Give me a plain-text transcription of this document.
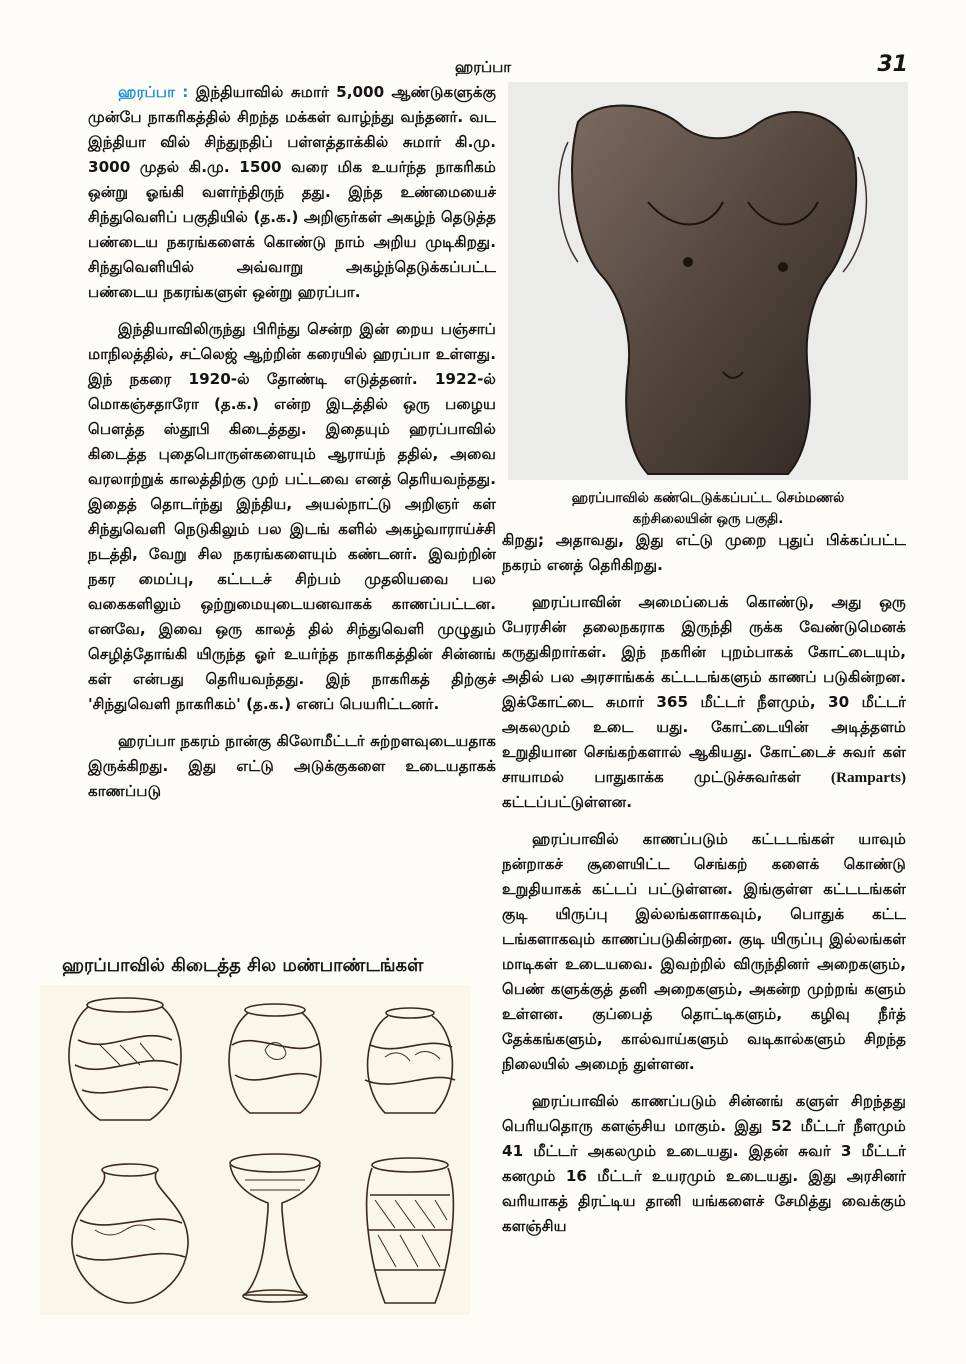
ஹரப்பா	31

ஹரப்பா : இந்தியாவில் சுமார் 5,000 ஆண்டுகளுக்கு முன்பே நாகரிகத்தில் சிறந்த மக்கள் வாழ்ந்து வந்தனர். வட இந்தியா வில் சிந்துநதிப் பள்ளத்தாக்கில் சுமார் கி.மு. 3000 முதல் கி.மு. 1500 வரை மிக உயர்ந்த நாகரிகம் ஒன்று ஓங்கி வளர்ந்திருந் தது. இந்த உண்மையைச் சிந்துவெளிப் பகுதியில் (த.க.) அறிஞர்கள் அகழ்ந் தெடுத்த பண்டைய நகரங்களைக் கொண்டு நாம் அறிய முடிகிறது. சிந்துவெளியில் அவ்வாறு அகழ்ந்தெடுக்கப்பட்ட பண்டைய நகரங்களுள் ஒன்று ஹரப்பா.

இந்தியாவிலிருந்து பிரிந்து சென்ற இன் றைய பஞ்சாப் மாநிலத்தில், சட்லெஜ் ஆற்றின் கரையில் ஹரப்பா உள்ளது. இந் நகரை 1920-ல் தோண்டி எடுத்தனர். 1922-ல் மொகஞ்சதாரோ (த.க.) என்ற இடத்தில் ஒரு பழைய பௌத்த ஸ்தூபி கிடைத்தது. இதையும் ஹரப்பாவில் கிடைத்த புதைபொருள்களையும் ஆராய்ந் ததில், அவை வரலாற்றுக் காலத்திற்கு முற் பட்டவை எனத் தெரியவந்தது. இதைத் தொடர்ந்து இந்திய, அயல்நாட்டு அறிஞர் கள் சிந்துவெளி நெடுகிலும் பல இடங் களில் அகழ்வாராய்ச்சி நடத்தி, வேறு சில நகரங்களையும் கண்டனர். இவற்றின் நகர மைப்பு, கட்டடச் சிற்பம் முதலியவை பல வகைகளிலும் ஒற்றுமையுடையனவாகக் காணப்பட்டன. எனவே, இவை ஒரு காலத் தில் சிந்துவெளி முழுதும் செழித்தோங்கி யிருந்த ஓர் உயர்ந்த நாகரிகத்தின் சின்னங் கள் என்பது தெரியவந்தது. இந் நாகரிகத் திற்குச் 'சிந்துவெளி நாகரிகம்' (த.க.) எனப் பெயரிட்டனர்.

ஹரப்பா நகரம் நான்கு கிலோமீட்டர் சுற்றளவுடையதாக இருக்கிறது. இது எட்டு அடுக்குகளை உடையதாகக் காணப்படு

ஹரப்பாவில் கிடைத்த சில மண்பாண்டங்கள்
ஹரப்பாவில் கண்டெடுக்கப்பட்ட செம்மணல்
கற்சிலையின் ஒரு பகுதி.

கிறது; அதாவது, இது எட்டு முறை புதுப் பிக்கப்பட்ட நகரம் எனத் தெரிகிறது.

ஹரப்பாவின் அமைப்பைக் கொண்டு, அது ஒரு பேரரசின் தலைநகராக இருந்தி ருக்க வேண்டுமெனக் கருதுகிறார்கள். இந் நகரின் புறம்பாகக் கோட்டையும், அதில் பல அரசாங்கக் கட்டடங்களும் காணப் படுகின்றன. இக்கோட்டை சுமார் 365 மீட்டர் நீளமும், 30 மீட்டர் அகலமும் உடை யது. கோட்டையின் அடித்தளம் உறுதியான செங்கற்களால் ஆகியது. கோட்டைச் சுவர் கள் சாயாமல் பாதுகாக்க முட்டுச்சுவர்கள் (Ramparts) கட்டப்பட்டுள்ளன.

ஹரப்பாவில் காணப்படும் கட்டடங்கள் யாவும் நன்றாகச் சூளையிட்ட செங்கற் களைக் கொண்டு உறுதியாகக் கட்டப் பட்டுள்ளன. இங்குள்ள கட்டடங்கள் குடி யிருப்பு இல்லங்களாகவும், பொதுக் கட்ட டங்களாகவும் காணப்படுகின்றன. குடி யிருப்பு இல்லங்கள் மாடிகள் உடையவை. இவற்றில் விருந்தினர் அறைகளும், பெண் களுக்குத் தனி அறைகளும், அகன்ற முற்றங் களும் உள்ளன. குப்பைத் தொட்டிகளும், கழிவு நீர்த் தேக்கங்களும், கால்வாய்களும் வடிகால்களும் சிறந்த நிலையில் அமைந் துள்ளன.

ஹரப்பாவில் காணப்படும் சின்னங் களுள் சிறந்தது பெரியதொரு களஞ்சிய மாகும். இது 52 மீட்டர் நீளமும் 41 மீட்டர் அகலமும் உடையது. இதன் சுவர் 3 மீட்டர் கனமும் 16 மீட்டர் உயரமும் உடையது. இது அரசினர் வரியாகத் திரட்டிய தானி யங்களைச் சேமித்து வைக்கும் களஞ்சிய
